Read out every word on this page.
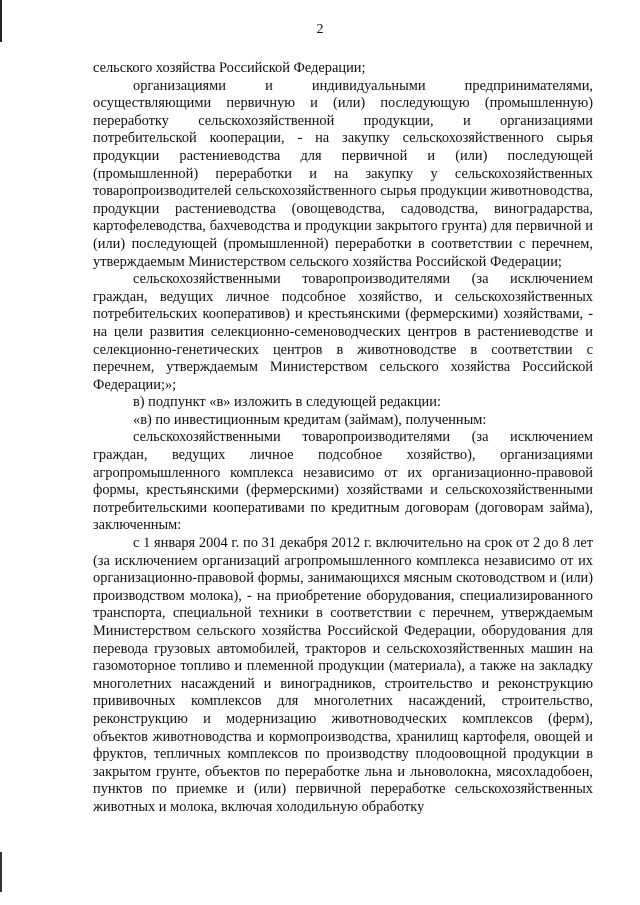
2

сельского хозяйства Российской Федерации;

организациями и индивидуальными предпринимателями, осуществляющими первичную и (или) последующую (промышленную) переработку сельскохозяйственной продукции, и организациями потребительской кооперации, - на закупку сельскохозяйственного сырья продукции растениеводства для первичной и (или) последующей (промышленной) переработки и на закупку у сельскохозяйственных товаропроизводителей сельскохозяйственного сырья продукции животноводства, продукции растениеводства (овощеводства, садоводства, виноградарства, картофелеводства, бахчеводства и продукции закрытого грунта) для первичной и (или) последующей (промышленной) переработки в соответствии с перечнем, утверждаемым Министерством сельского хозяйства Российской Федерации;

сельскохозяйственными товаропроизводителями (за исключением граждан, ведущих личное подсобное хозяйство, и сельскохозяйственных потребительских кооперативов) и крестьянскими (фермерскими) хозяйствами, - на цели развития селекционно-семеноводческих центров в растениеводстве и селекционно-генетических центров в животноводстве в соответствии с перечнем, утверждаемым Министерством сельского хозяйства Российской Федерации;»;

в) подпункт «в» изложить в следующей редакции:

«в) по инвестиционным кредитам (займам), полученным:

сельскохозяйственными товаропроизводителями (за исключением граждан, ведущих личное подсобное хозяйство), организациями агропромышленного комплекса независимо от их организационно-правовой формы, крестьянскими (фермерскими) хозяйствами и сельскохозяйственными потребительскими кооперативами по кредитным договорам (договорам займа), заключенным:

с 1 января 2004 г. по 31 декабря 2012 г. включительно на срок от 2 до 8 лет (за исключением организаций агропромышленного комплекса независимо от их организационно-правовой формы, занимающихся мясным скотоводством и (или) производством молока), - на приобретение оборудования, специализированного транспорта, специальной техники в соответствии с перечнем, утверждаемым Министерством сельского хозяйства Российской Федерации, оборудования для перевода грузовых автомобилей, тракторов и сельскохозяйственных машин на газомоторное топливо и племенной продукции (материала), а также на закладку многолетних насаждений и виноградников, строительство и реконструкцию прививочных комплексов для многолетних насаждений, строительство, реконструкцию и модернизацию животноводческих комплексов (ферм), объектов животноводства и кормопроизводства, хранилищ картофеля, овощей и фруктов, тепличных комплексов по производству плодоовощной продукции в закрытом грунте, объектов по переработке льна и льноволокна, мясохладобоен, пунктов по приемке и (или) первичной переработке сельскохозяйственных животных и молока, включая холодильную обработку
